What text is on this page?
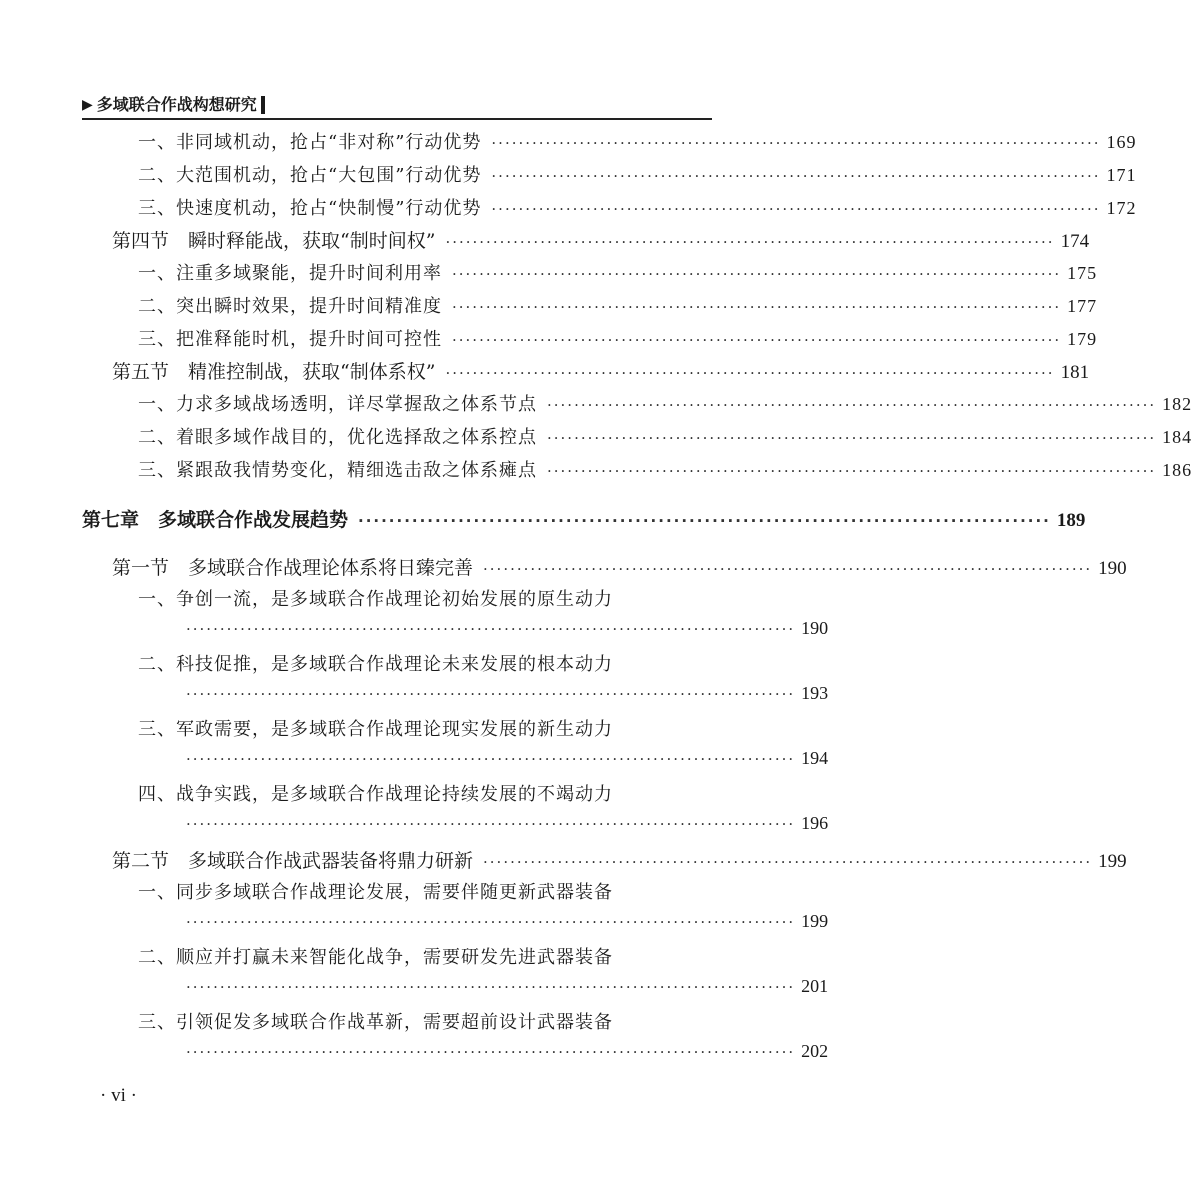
▶ 多域联合作战构想研究
一、非同域机动，抢占“非对称”行动优势 ·························································································· 169
二、大范围机动，抢占“大包围”行动优势 ·························································································· 171
三、快速度机动，抢占“快制慢”行动优势 ·························································································· 172
第四节　瞬时释能战，获取“制时间权” ·························································································· 174
一、注重多域聚能，提升时间利用率 ·························································································· 175
二、突出瞬时效果，提升时间精准度 ·························································································· 177
三、把准释能时机，提升时间可控性 ·························································································· 179
第五节　精准控制战，获取“制体系权” ·························································································· 181
一、力求多域战场透明，详尽掌握敌之体系节点 ·························································································· 182
二、着眼多域作战目的，优化选择敌之体系控点 ·························································································· 184
三、紧跟敌我情势变化，精细选击敌之体系瘫点 ·························································································· 186
第七章　多域联合作战发展趋势 ·························································································· 189
第一节　多域联合作战理论体系将日臻完善 ·························································································· 190
一、争创一流，是多域联合作战理论初始发展的原生动力
·························································································· 190
二、科技促推，是多域联合作战理论未来发展的根本动力
·························································································· 193
三、军政需要，是多域联合作战理论现实发展的新生动力
·························································································· 194
四、战争实践，是多域联合作战理论持续发展的不竭动力
·························································································· 196
第二节　多域联合作战武器装备将鼎力研新 ·························································································· 199
一、同步多域联合作战理论发展，需要伴随更新武器装备
·························································································· 199
二、顺应并打赢未来智能化战争，需要研发先进武器装备
·························································································· 201
三、引领促发多域联合作战革新，需要超前设计武器装备
·························································································· 202
· vi ·
